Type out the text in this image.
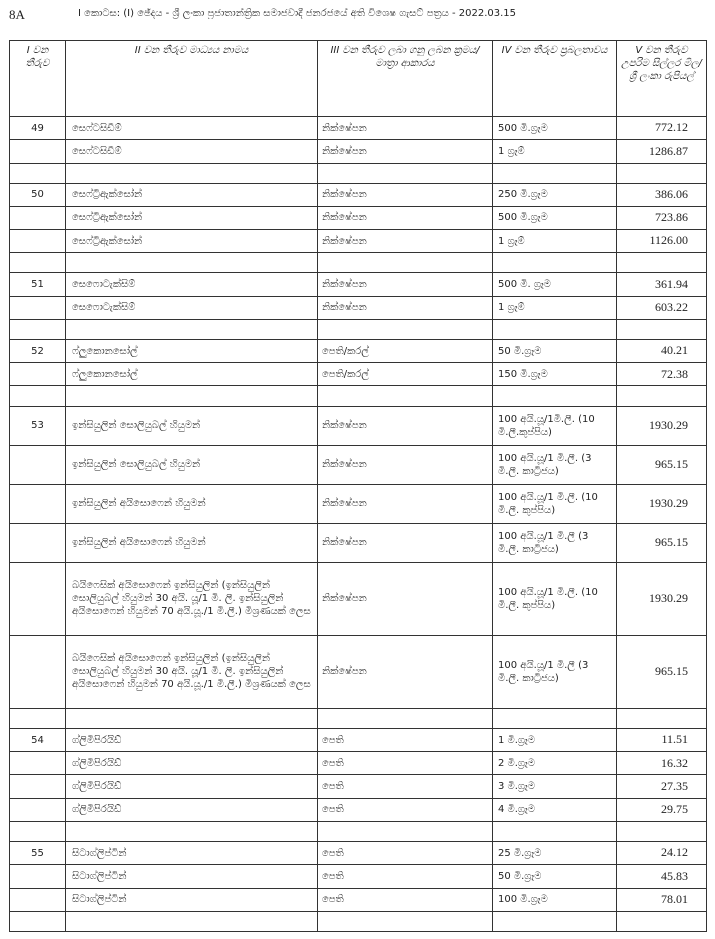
8A	I කොටස: (I) ඡේදය - ශ්‍රී ලංකා ප්‍රජාතාන්ත්‍රික සමාජවාදී ජනරජයේ අති විශෙෂ ගැසට් පත්‍රය - 2022.03.15
I වන තීරුව	II වන තීරුව මාධ්‍යය නාමය	III වන තීරුව ලබා ගනු ලබන ක්‍රමය/මාත්‍රා ආකාරය	IV වන තීරුව ප්‍රබලතාවය	V වන තීරුව උපරිම සිල්ලර මිල/ ශ්‍රී ලංකා රුපියල්
49	සෙෆ්ටසිඩීම්	නික්ෂේපන	500 මි.ග්‍රෑම	772.12
	සෙෆ්ටසිඩීම්	නික්ෂේපන	1 ග්‍රෑම්	1286.87

50	සෙෆ්ට්‍රිඇක්සෝන්	නික්ෂේපන	250 මි.ග්‍රෑම	386.06
	සෙෆ්ට්‍රිඇක්සෝන්	නික්ෂේපන	500 මි.ග්‍රෑම	723.86
	සෙෆ්ට්‍රිඇක්සෝන්	නික්ෂේපන	1 ග්‍රෑම්	1126.00

51	සෙෆොටැක්සිම්	නික්ෂේපන	500 මි. ග්‍රෑම	361.94
	සෙෆොටැක්සිම්	නික්ෂේපන	1 ග්‍රෑම්	603.22

52	ෆ්ලුකොනසෝල්	පෙති/කරල්	50 මි.ග්‍රෑම	40.21
	ෆ්ලුකොනසෝල්	පෙති/කරල්	150 මි.ග්‍රෑම	72.38

53	ඉන්සියුලින් සොලියුබල් හියුමන්	නික්ෂේපන	100 අයි.යූ/1මි.ලී. (10 මි.ලී.කුප්පිය)	1930.29
	ඉන්සියුලින් සොලියුබල් හියුමන්	නික්ෂේපන	100 අයි.යූ/1 මි.ලී. (3 මි.ලී. කාට්‍රිජය)	965.15
	ඉන්සියුලින් අයිසොෆෙන් හියුමන්	නික්ෂේපන	100 අයි.යූ/1 මි.ලී. (10 මි.ලී. කුප්පිය)	1930.29
	ඉන්සියුලින් අයිසොෆෙන් හියුමන්	නික්ෂේපන	100 අයි.යූ/1 මි.ලී (3 මි.ලී. කාට්‍රිජය)	965.15
	බයිෆෙසික් අයිසොෆෙන් ඉන්සියුලින් (ඉන්සියුලින් සොලියුබල් හියුමන් 30 අයි. යූ/1 මි. ලී. ඉන්සියුලින් අයිසොෆෙන් හියුමන් 70 අයි.යූ./1 මි.ලී.) මිශ්‍රණයක් ලෙස	නික්ෂේපන	100 අයි.යූ/1 මි.ලී. (10 මි.ලී. කුප්පිය)	1930.29
	බයිෆෙසික් අයිසොෆෙන් ඉන්සියුලින් (ඉන්සියුලින් සොලියුබල් හියුමන් 30 අයි. යූ/1 මි. ලී. ඉන්සියුලින් අයිසොෆෙන් හියුමන් 70 අයි.යූ./1 මි.ලී.) මිශ්‍රණයක් ලෙස	නික්ෂේපන	100 අයි.යූ/1 මි.ලී (3 මි.ලී. කාට්‍රිජය)	965.15

54	ග්ලිමිපිරයිඩ්	පෙති	1 මි.ග්‍රෑම	11.51
	ග්ලිමිපිරයිඩ්	පෙති	2 මි.ග්‍රෑම	16.32
	ග්ලිමිපිරයිඩ්	පෙති	3 මි.ග්‍රෑම	27.35
	ග්ලිමිපිරයිඩ්	පෙති	4 මි.ග්‍රෑම	29.75

55	සිටාග්ලිප්ටින්	පෙති	25 මි.ග්‍රෑම	24.12
	සිටාග්ලිප්ටින්	පෙති	50 මි.ග්‍රෑම	45.83
	සිටාග්ලිප්ටින්	පෙති	100 මි.ග්‍රෑම	78.01
